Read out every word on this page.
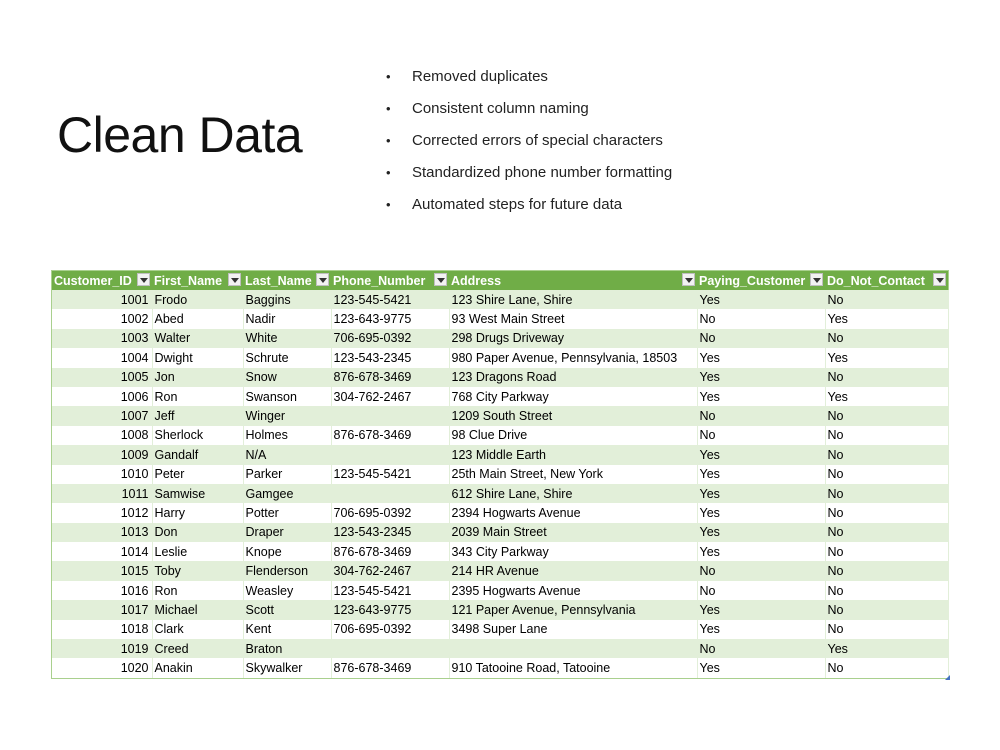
Clean Data
• Removed duplicates
• Consistent column naming
• Corrected errors of special characters
• Standardized phone number formatting
• Automated steps for future data
Customer_ID	First_Name	Last_Name	Phone_Number	Address	Paying_Customer	Do_Not_Contact

1001	Frodo	Baggins	123-545-5421	123 Shire Lane, Shire	Yes	No
1002	Abed	Nadir	123-643-9775	93 West Main Street	No	Yes
1003	Walter	White	706-695-0392	298 Drugs Driveway	No	No
1004	Dwight	Schrute	123-543-2345	980 Paper Avenue, Pennsylvania, 18503	Yes	Yes
1005	Jon	Snow	876-678-3469	123 Dragons Road	Yes	No
1006	Ron	Swanson	304-762-2467	768 City Parkway	Yes	Yes
1007	Jeff	Winger		1209 South Street	No	No
1008	Sherlock	Holmes	876-678-3469	98 Clue Drive	No	No
1009	Gandalf	N/A		123 Middle Earth	Yes	No
1010	Peter	Parker	123-545-5421	25th Main Street, New York	Yes	No
1011	Samwise	Gamgee		612 Shire Lane, Shire	Yes	No
1012	Harry	Potter	706-695-0392	2394 Hogwarts Avenue	Yes	No
1013	Don	Draper	123-543-2345	2039 Main Street	Yes	No
1014	Leslie	Knope	876-678-3469	343 City Parkway	Yes	No
1015	Toby	Flenderson	304-762-2467	214 HR Avenue	No	No
1016	Ron	Weasley	123-545-5421	2395 Hogwarts Avenue	No	No
1017	Michael	Scott	123-643-9775	121 Paper Avenue, Pennsylvania	Yes	No
1018	Clark	Kent	706-695-0392	3498 Super Lane	Yes	No
1019	Creed	Braton			No	Yes
1020	Anakin	Skywalker	876-678-3469	910 Tatooine Road, Tatooine	Yes	No
